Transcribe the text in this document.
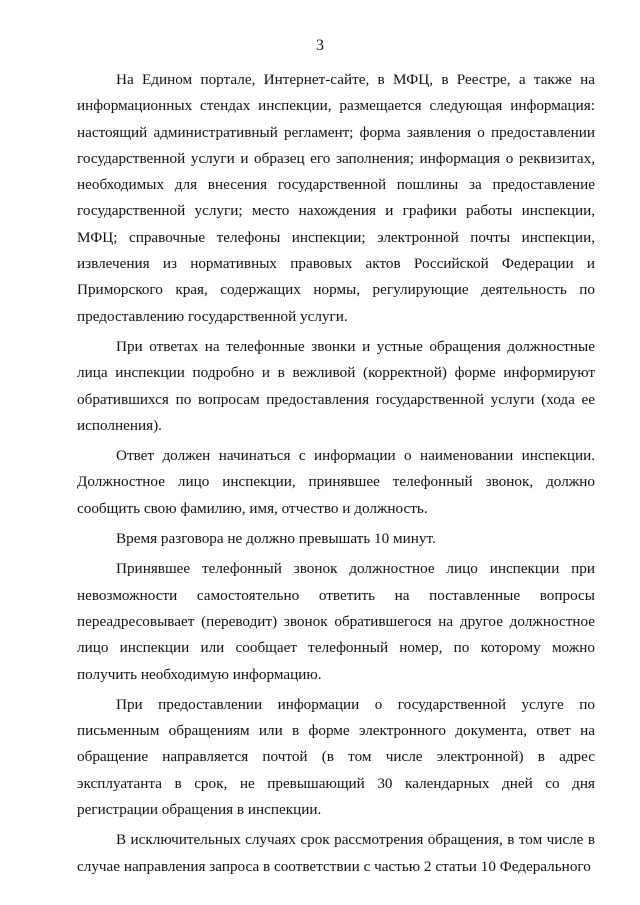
3

На Едином портале, Интернет-сайте, в МФЦ, в Реестре, а также на информационных стендах инспекции, размещается следующая информация: настоящий административный регламент; форма заявления о предоставлении государственной услуги и образец его заполнения; информация о реквизитах, необходимых для внесения государственной пошлины за предоставление государственной услуги; место нахождения и графики работы инспекции, МФЦ; справочные телефоны инспекции; электронной почты инспекции, извлечения из нормативных правовых актов Российской Федерации и Приморского края, содержащих нормы, регулирующие деятельность по предоставлению государственной услуги.

При ответах на телефонные звонки и устные обращения должностные лица инспекции подробно и в вежливой (корректной) форме информируют обратившихся по вопросам предоставления государственной услуги (хода ее исполнения).

Ответ должен начинаться с информации о наименовании инспекции. Должностное лицо инспекции, принявшее телефонный звонок, должно сообщить свою фамилию, имя, отчество и должность.

Время разговора не должно превышать 10 минут.

Принявшее телефонный звонок должностное лицо инспекции при невозможности самостоятельно ответить на поставленные вопросы переадресовывает (переводит) звонок обратившегося на другое должностное лицо инспекции или сообщает телефонный номер, по которому можно получить необходимую информацию.

При предоставлении информации о государственной услуге по письменным обращениям или в форме электронного документа, ответ на обращение направляется почтой (в том числе электронной) в адрес эксплуатанта в срок, не превышающий 30 календарных дней со дня регистрации обращения в инспекции.

В исключительных случаях срок рассмотрения обращения, в том числе в случае направления запроса в соответствии с частью 2 статьи 10 Федерального
